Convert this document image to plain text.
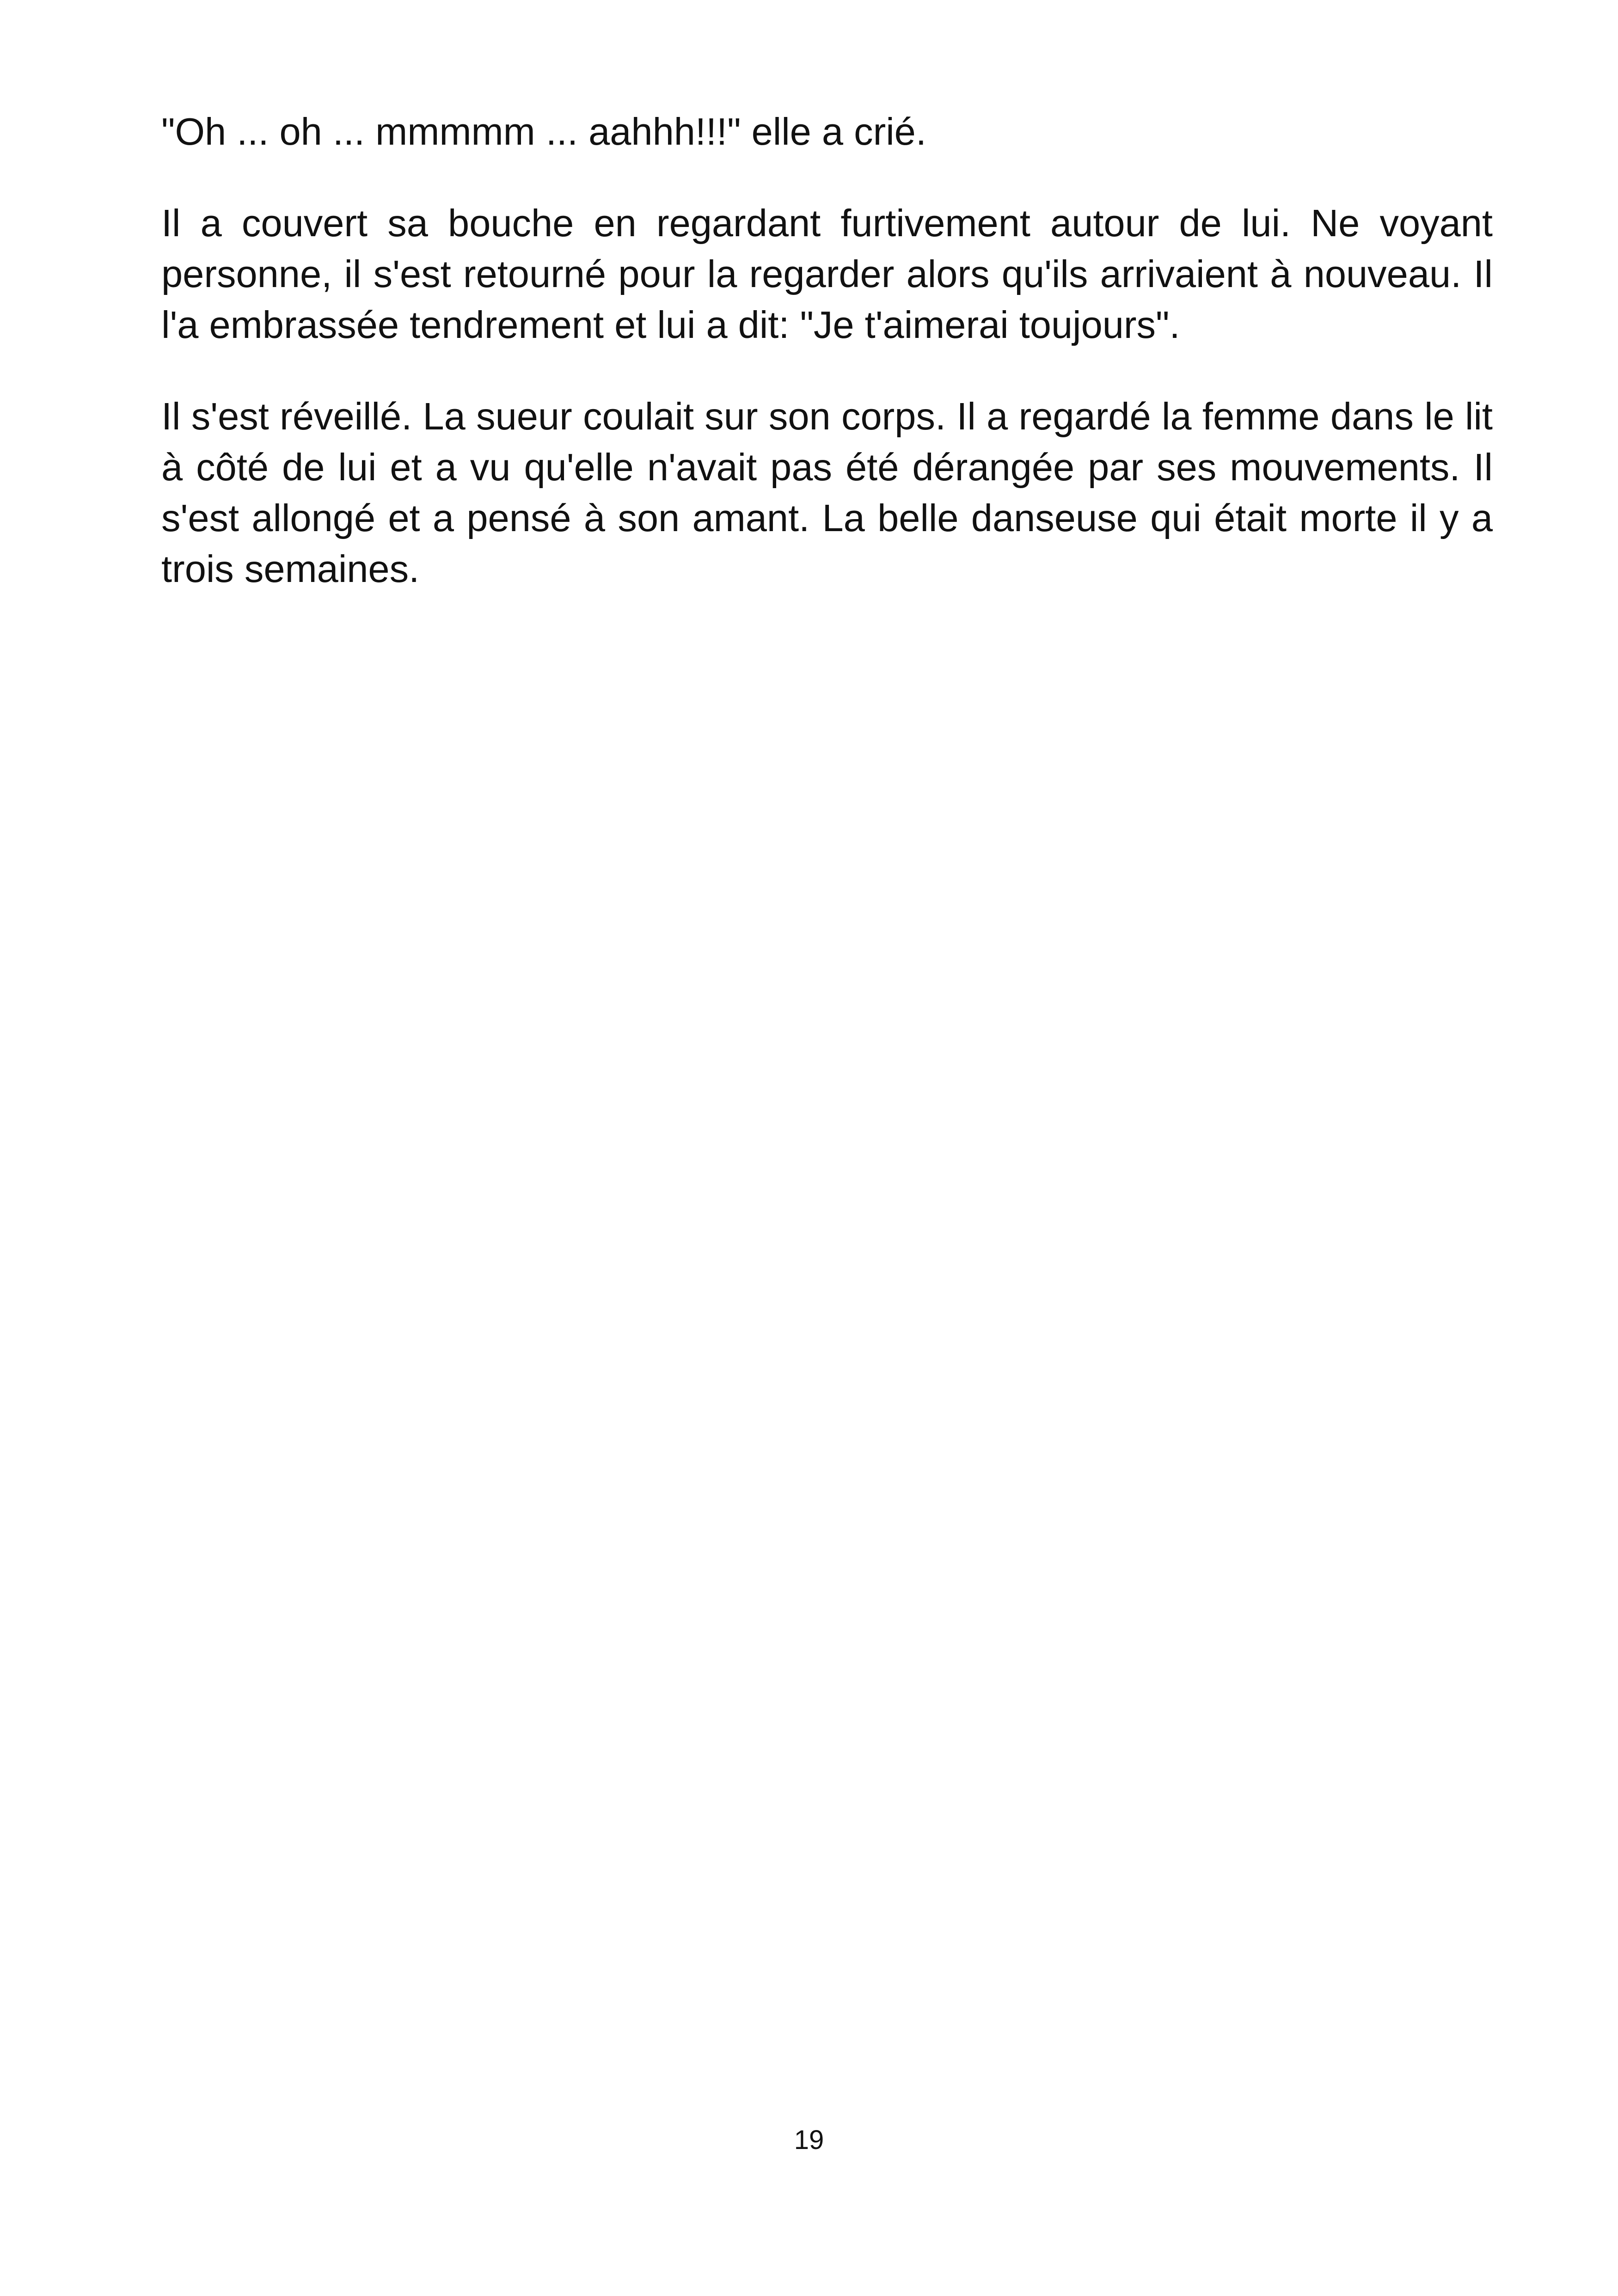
"Oh ... oh ... mmmmm ... aahhh!!!" elle a crié.

Il a couvert sa bouche en regardant furtivement autour de lui. Ne voyant personne, il s'est retourné pour la regarder alors qu'ils arrivaient à nouveau. Il l'a embrassée tendrement et lui a dit: "Je t'aimerai toujours".

Il s'est réveillé. La sueur coulait sur son corps. Il a regardé la femme dans le lit à côté de lui et a vu qu'elle n'avait pas été dérangée par ses mouvements. Il s'est allongé et a pensé à son amant. La belle danseuse qui était morte il y a trois semaines.

19
